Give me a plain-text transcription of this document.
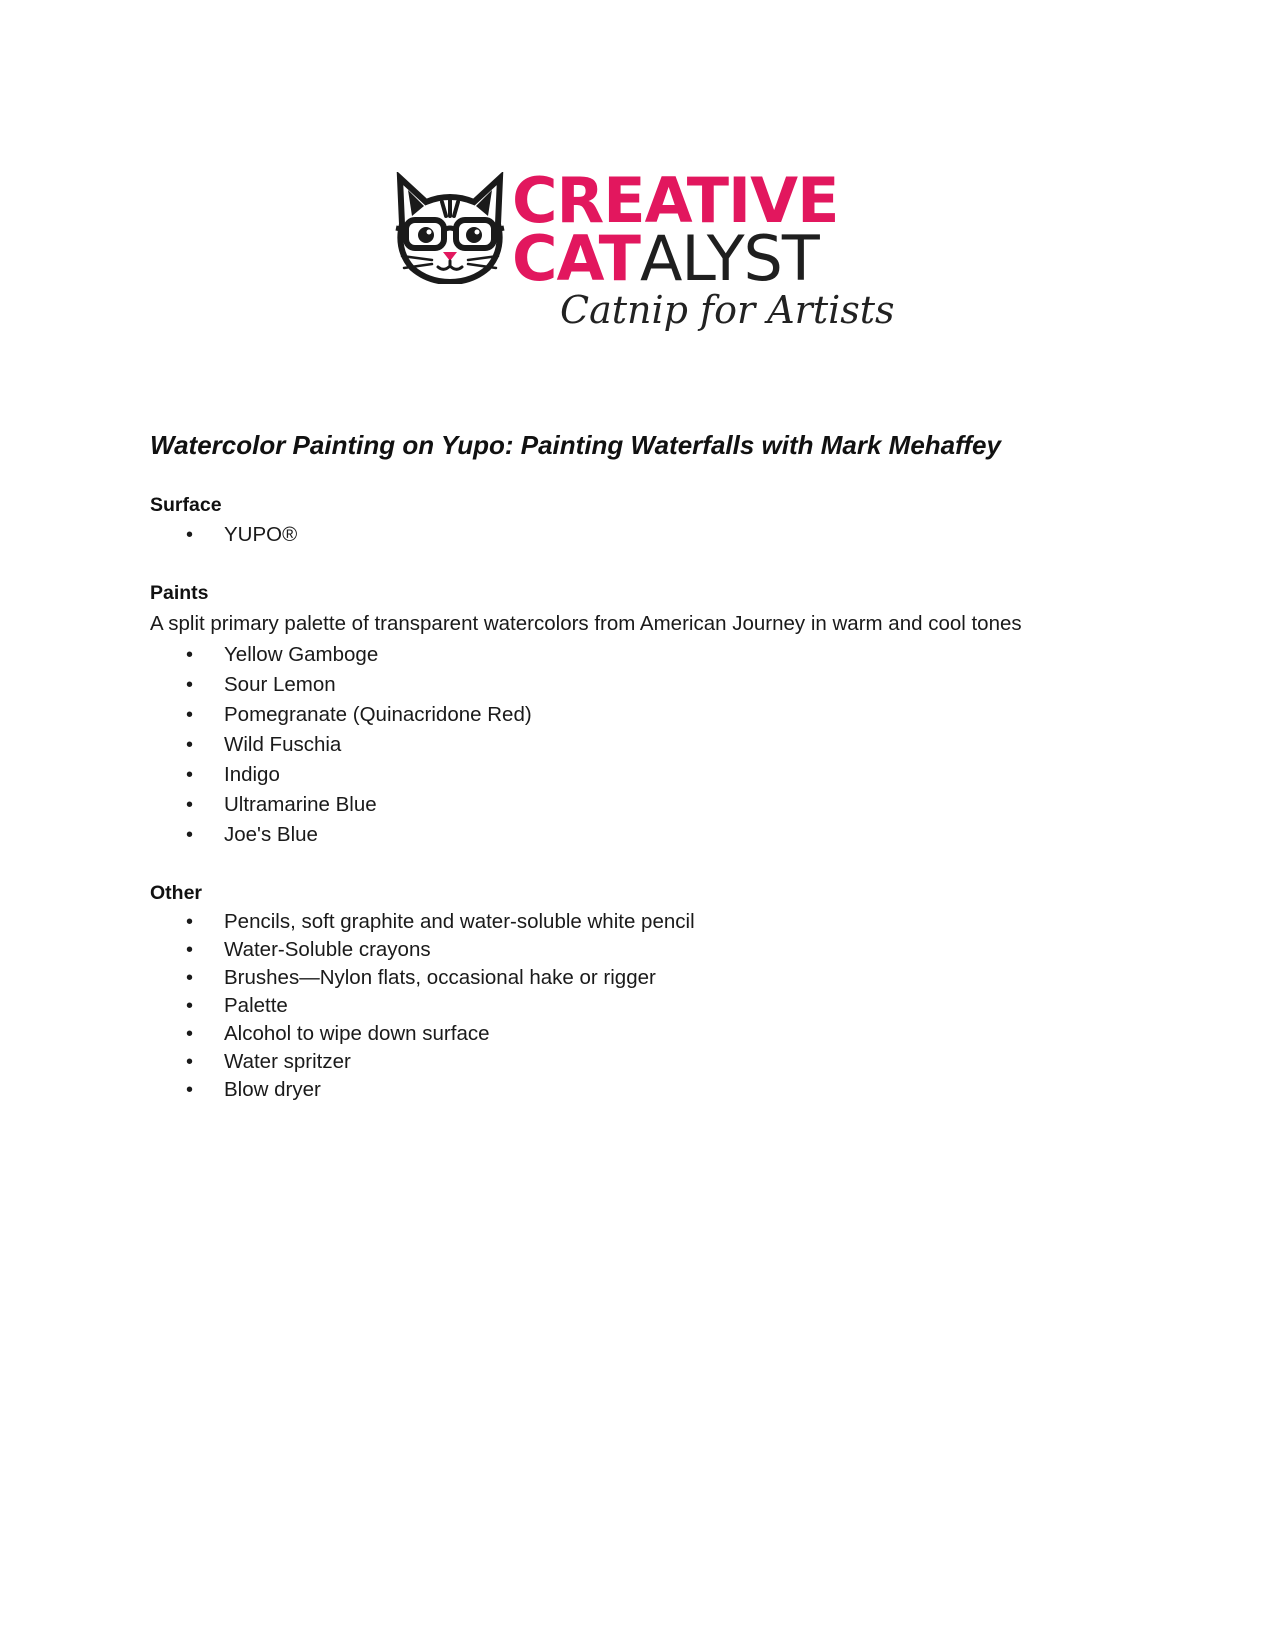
CREATIVE
CATALYST
Catnip for Artists
Watercolor Painting on Yupo: Painting Waterfalls with Mark Mehaffey
Surface
• YUPO®
Paints

A split primary palette of transparent watercolors from American Journey in warm and cool tones

• Yellow Gamboge
• Sour Lemon
• Pomegranate (Quinacridone Red)
• Wild Fuschia
• Indigo
• Ultramarine Blue
• Joe's Blue
Other
• Pencils, soft graphite and water-soluble white pencil
• Water-Soluble crayons
• Brushes—Nylon flats, occasional hake or rigger
• Palette
• Alcohol to wipe down surface
• Water spritzer
• Blow dryer
